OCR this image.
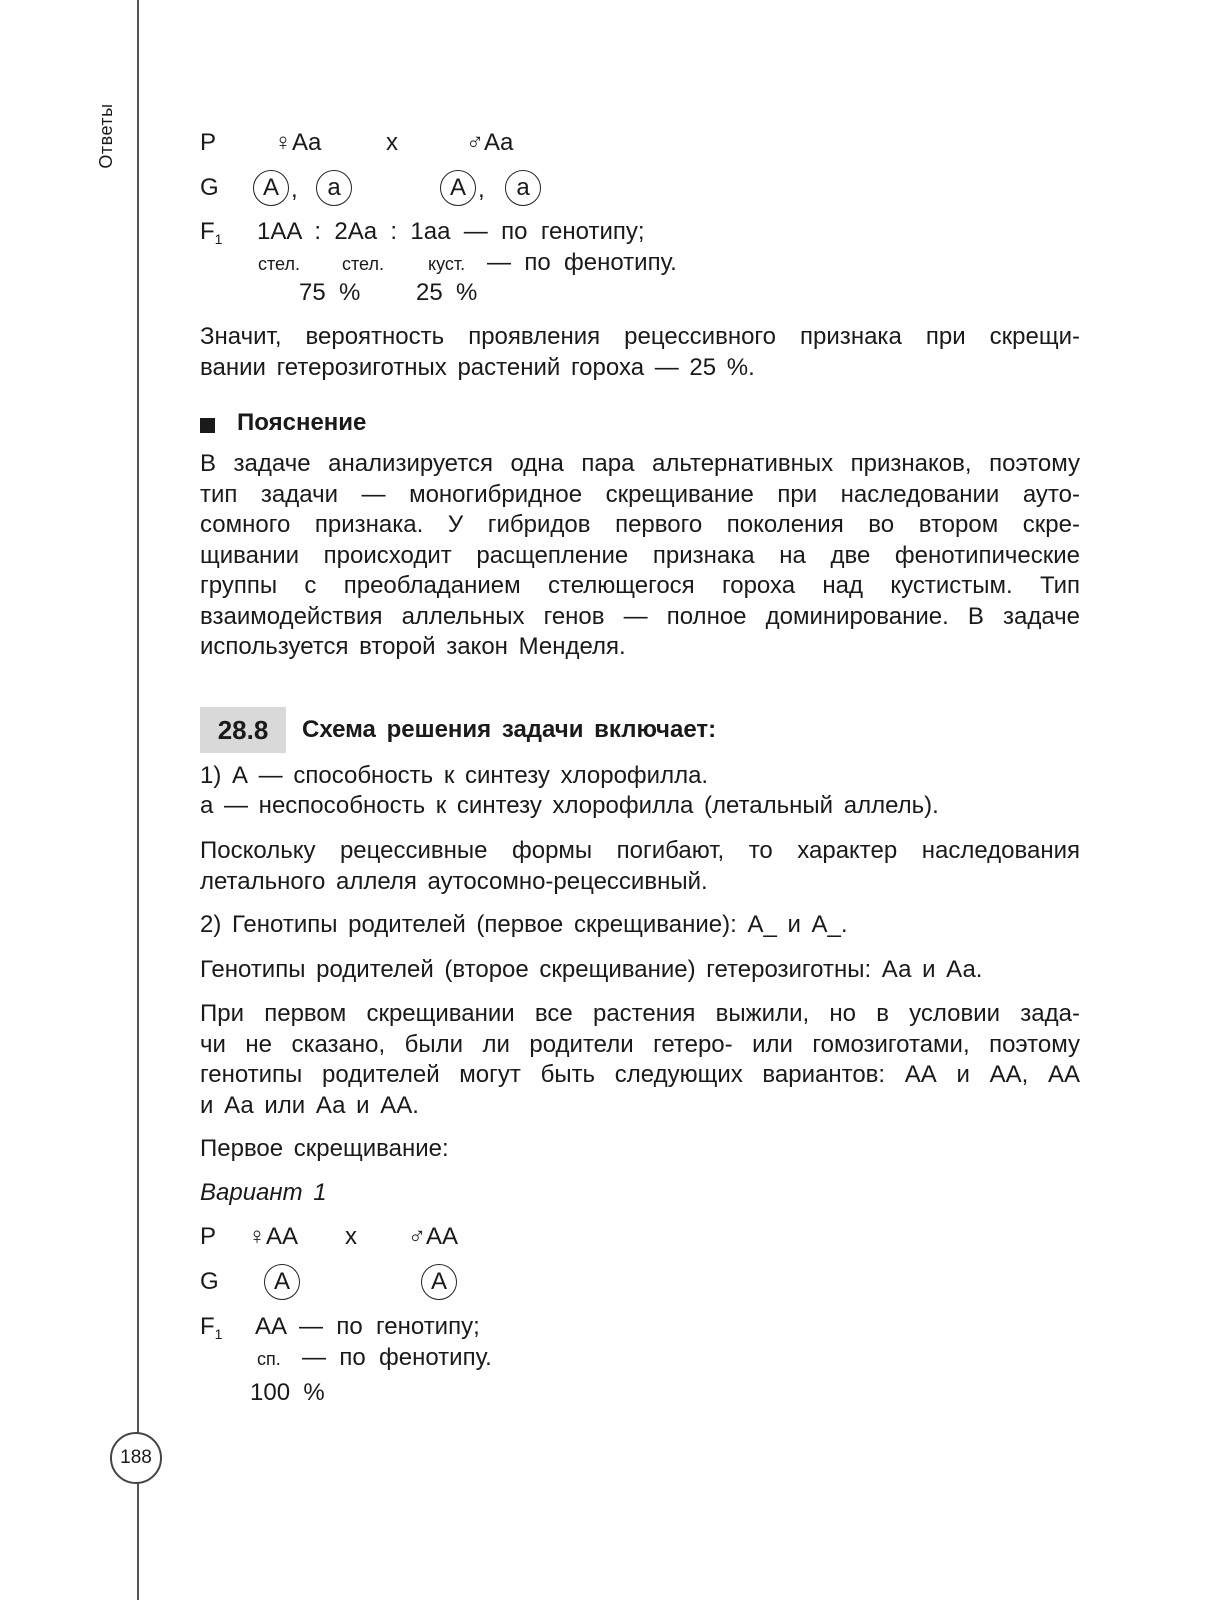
Ответы
188
P ♀Aa	x	♂Aa
G	A ,	a	A ,	a
$F_1$ 1AA  :  2Aa  :  1aa  —  по  генотипу;
стел. стел. куст. —  по  фенотипу.
75  % 25  %
Значит, вероятность проявления рецессивного признака при скрещи-
вании гетерозиготных растений гороха — 25 %.
Пояснение
В задаче анализируется одна пара альтернативных признаков, поэтому
тип задачи — моногибридное скрещивание при наследовании ауто-
сомного признака. У гибридов первого поколения во втором скре-
щивании происходит расщепление признака на две фенотипические
группы с преобладанием стелющегося гороха над кустистым. Тип
взаимодействия аллельных генов — полное доминирование. В задаче
используется второй закон Менделя.
28.8	Схема решения задачи включает:
1) А — способность к синтезу хлорофилла.
а — неспособность к синтезу хлорофилла (летальный аллель).
Поскольку рецессивные формы погибают, то характер наследования
летального аллеля аутосомно-рецессивный.
2) Генотипы родителей (первое скрещивание): А_ и А_.
Генотипы родителей (вторoе скрещивание) гетерозиготны: Аа и Аа.
При первом скрещивании все растения выжили, но в условии зада-
чи не сказано, были ли родители гетеро- или гомозиготами, поэтому
генотипы родителей могут быть следующих вариантов: АА и АА, АА
и Аа или Аа и АА.
Первое скрещивание:
Вариант 1
P ♀AA x ♂AA
G	A	A
$F_1$ AA  —  по  генотипу;
сп. —  по  фенотипу.
100  %
